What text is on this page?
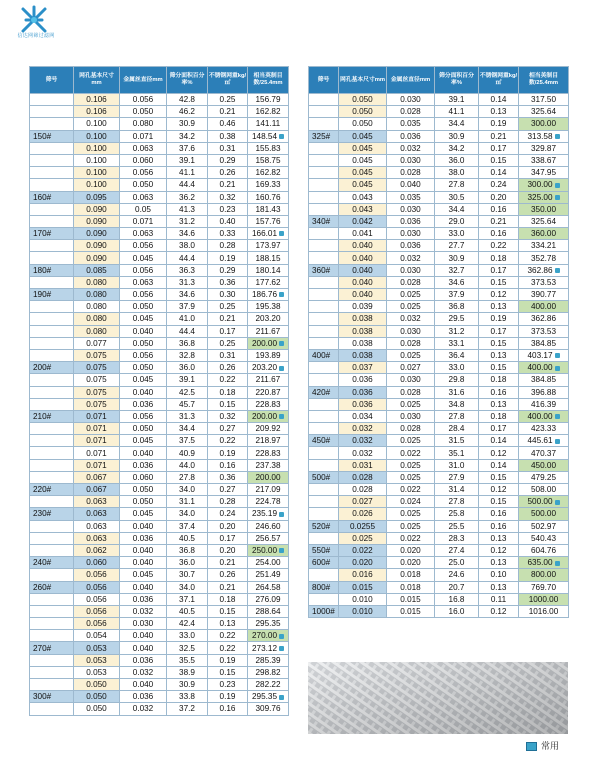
信达网筛过滤网
筛号	网孔基本尺寸mm	金属丝直径mm	筛分面积百分率%	不锈钢网重kg/㎡	相当英制目数/25.4mm
	0.106	0.056	42.8	0.25	156.79
	0.106	0.050	46.2	0.21	162.82
	0.100	0.080	30.9	0.46	141.11
150#	0.100	0.071	34.2	0.38	148.54
	0.100	0.063	37.6	0.31	155.83
	0.100	0.060	39.1	0.29	158.75
	0.100	0.056	41.1	0.26	162.82
	0.100	0.050	44.4	0.21	169.33
160#	0.095	0.063	36.2	0.32	160.76
	0.090	0.05	41.3	0.23	181.43
	0.090	0.071	31.2	0.40	157.76
170#	0.090	0.063	34.6	0.33	166.01
	0.090	0.056	38.0	0.28	173.97
	0.090	0.045	44.4	0.19	188.15
180#	0.085	0.056	36.3	0.29	180.14
	0.080	0.063	31.3	0.36	177.62
190#	0.080	0.056	34.6	0.30	186.76
	0.080	0.050	37.9	0.25	195.38
	0.080	0.045	41.0	0.21	203.20
	0.080	0.040	44.4	0.17	211.67
	0.077	0.050	36.8	0.25	200.00
	0.075	0.056	32.8	0.31	193.89
200#	0.075	0.050	36.0	0.26	203.20
	0.075	0.045	39.1	0.22	211.67
	0.075	0.040	42.5	0.18	220.87
	0.075	0.036	45.7	0.15	228.83
210#	0.071	0.056	31.3	0.32	200.00
	0.071	0.050	34.4	0.27	209.92
	0.071	0.045	37.5	0.22	218.97
	0.071	0.040	40.9	0.19	228.83
	0.071	0.036	44.0	0.16	237.38
	0.067	0.060	27.8	0.36	200.00
220#	0.067	0.050	34.0	0.27	217.09
	0.063	0.050	31.1	0.28	224.78
230#	0.063	0.045	34.0	0.24	235.19
	0.063	0.040	37.4	0.20	246.60
	0.063	0.036	40.5	0.17	256.57
	0.062	0.040	36.8	0.20	250.00
240#	0.060	0.040	36.0	0.21	254.00
	0.056	0.045	30.7	0.26	251.49
260#	0.056	0.040	34.0	0.21	264.58
	0.056	0.036	37.1	0.18	276.09
	0.056	0.032	40.5	0.15	288.64
	0.056	0.030	42.4	0.13	295.35
	0.054	0.040	33.0	0.22	270.00
270#	0.053	0.040	32.5	0.22	273.12
	0.053	0.036	35.5	0.19	285.39
	0.053	0.032	38.9	0.15	298.82
	0.050	0.040	30.9	0.23	282.22
300#	0.050	0.036	33.8	0.19	295.35
	0.050	0.032	37.2	0.16	309.76
筛号	网孔基本尺寸mm	金属丝直径mm	筛分面积百分率%	不锈钢网重kg/㎡	相当英制目数/25.4mm
	0.050	0.030	39.1	0.14	317.50
	0.050	0.028	41.1	0.13	325.64
	0.050	0.035	34.4	0.19	300.00
325#	0.045	0.036	30.9	0.21	313.58
	0.045	0.032	34.2	0.17	329.87
	0.045	0.030	36.0	0.15	338.67
	0.045	0.028	38.0	0.14	347.95
	0.045	0.040	27.8	0.24	300.00
	0.043	0.035	30.5	0.20	325.00
	0.043	0.030	34.4	0.16	350.00
340#	0.042	0.036	29.0	0.21	325.64
	0.041	0.030	33.0	0.16	360.00
	0.040	0.036	27.7	0.22	334.21
	0.040	0.032	30.9	0.18	352.78
360#	0.040	0.030	32.7	0.17	362.86
	0.040	0.028	34.6	0.15	373.53
	0.040	0.025	37.9	0.12	390.77
	0.039	0.025	36.8	0.13	400.00
	0.038	0.032	29.5	0.19	362.86
	0.038	0.030	31.2	0.17	373.53
	0.038	0.028	33.1	0.15	384.85
400#	0.038	0.025	36.4	0.13	403.17
	0.037	0.027	33.0	0.15	400.00
	0.036	0.030	29.8	0.18	384.85
420#	0.036	0.028	31.6	0.16	396.88
	0.036	0.025	34.8	0.13	416.39
	0.034	0.030	27.8	0.18	400.00
	0.032	0.028	28.4	0.17	423.33
450#	0.032	0.025	31.5	0.14	445.61
	0.032	0.022	35.1	0.12	470.37
	0.031	0.025	31.0	0.14	450.00
500#	0.028	0.025	27.9	0.15	479.25
	0.028	0.022	31.4	0.12	508.00
	0.027	0.024	27.8	0.15	500.00
	0.026	0.025	25.8	0.16	500.00
520#	0.0255	0.025	25.5	0.16	502.97
	0.025	0.022	28.3	0.13	540.43
550#	0.022	0.020	27.4	0.12	604.76
600#	0.020	0.020	25.0	0.13	635.00
	0.016	0.018	24.6	0.10	800.00
800#	0.015	0.018	20.7	0.13	769.70
	0.010	0.015	16.8	0.11	1000.00
1000#	0.010	0.015	16.0	0.12	1016.00
常用
